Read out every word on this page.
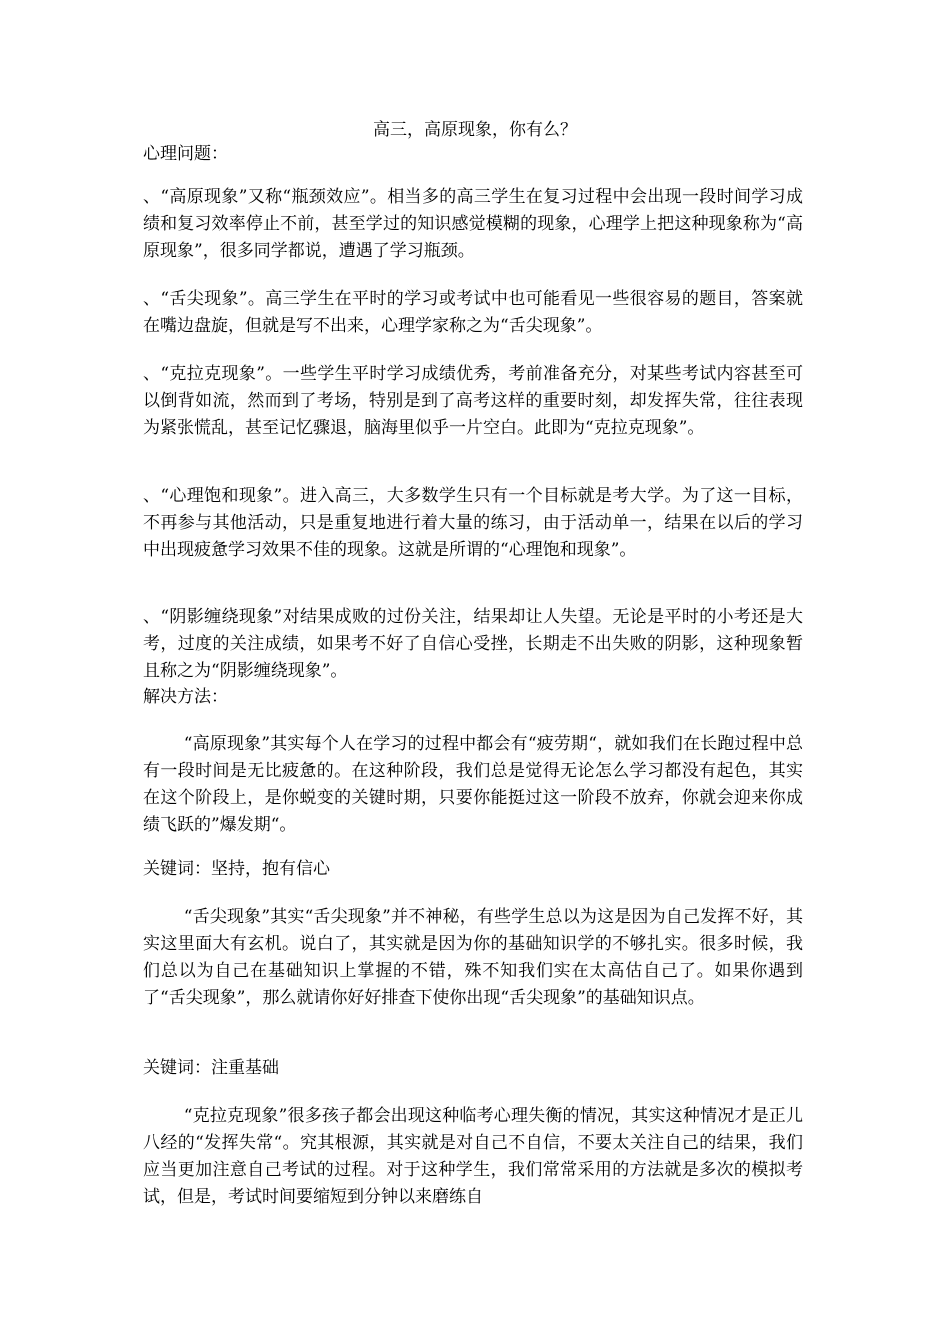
高三，高原现象，你有么？
心理问题：
、“高原现象”又称“瓶颈效应”。相当多的高三学生在复习过程中会出现一段时间学习成绩和复习效率停止不前，甚至学过的知识感觉模糊的现象，心理学上把这种现象称为“高原现象”，很多同学都说，遭遇了学习瓶颈。
、“舌尖现象”。高三学生在平时的学习或考试中也可能看见一些很容易的题目，答案就在嘴边盘旋，但就是写不出来，心理学家称之为“舌尖现象”。
、“克拉克现象”。一些学生平时学习成绩优秀，考前准备充分，对某些考试内容甚至可以倒背如流，然而到了考场，特别是到了高考这样的重要时刻，却发挥失常，往往表现为紧张慌乱，甚至记忆骤退，脑海里似乎一片空白。此即为“克拉克现象”。
、“心理饱和现象”。进入高三，大多数学生只有一个目标就是考大学。为了这一目标，不再参与其他活动，只是重复地进行着大量的练习，由于活动单一，结果在以后的学习中出现疲惫学习效果不佳的现象。这就是所谓的“心理饱和现象”。
、“阴影缠绕现象”对结果成败的过份关注，结果却让人失望。无论是平时的小考还是大考，过度的关注成绩，如果考不好了自信心受挫，长期走不出失败的阴影，这种现象暂且称之为“阴影缠绕现象”。
解决方法：
“高原现象”其实每个人在学习的过程中都会有“疲劳期“，就如我们在长跑过程中总有一段时间是无比疲惫的。在这种阶段，我们总是觉得无论怎么学习都没有起色，其实在这个阶段上，是你蜕变的关键时期，只要你能挺过这一阶段不放弃，你就会迎来你成绩飞跃的”爆发期“。
关键词：坚持，抱有信心
“舌尖现象”其实“舌尖现象”并不神秘，有些学生总以为这是因为自己发挥不好，其实这里面大有玄机。说白了，其实就是因为你的基础知识学的不够扎实。很多时候，我们总以为自己在基础知识上掌握的不错，殊不知我们实在太高估自己了。如果你遇到了“舌尖现象”，那么就请你好好排查下使你出现“舌尖现象”的基础知识点。
关键词：注重基础
“克拉克现象”很多孩子都会出现这种临考心理失衡的情况，其实这种情况才是正儿八经的“发挥失常“。究其根源，其实就是对自己不自信，不要太关注自己的结果，我们应当更加注意自己考试的过程。对于这种学生，我们常常采用的方法就是多次的模拟考试，但是，考试时间要缩短到分钟以来磨练自
